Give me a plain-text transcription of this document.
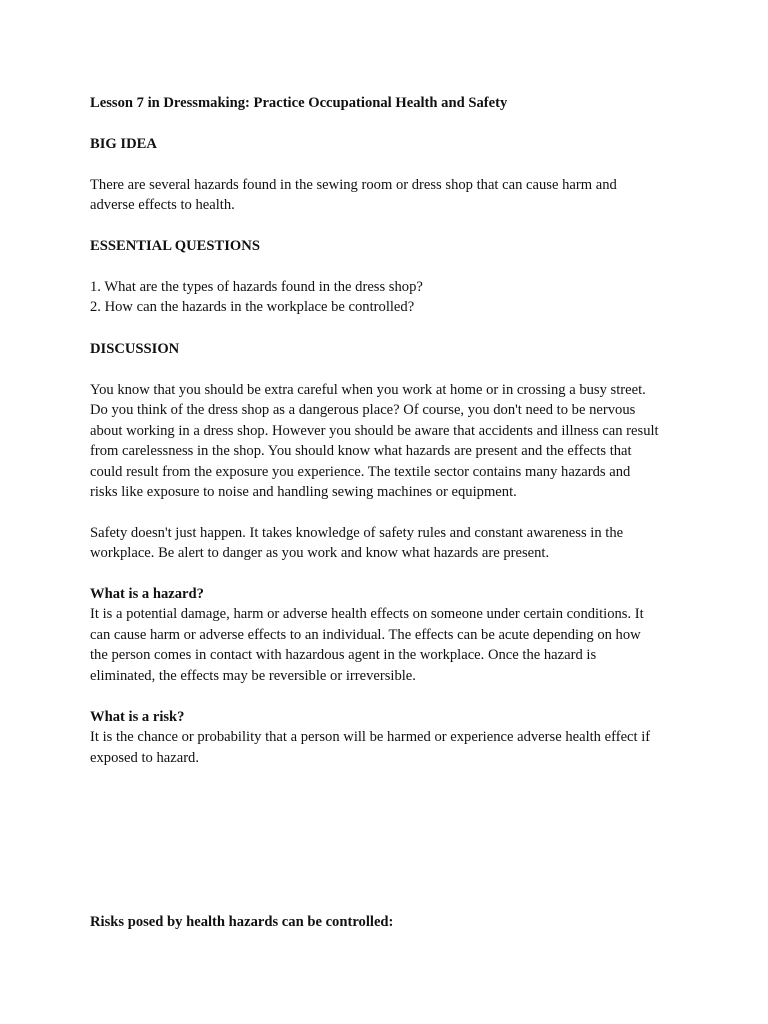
Lesson 7 in Dressmaking: Practice Occupational Health and Safety

BIG IDEA

There are several hazards found in the sewing room or dress shop that can cause harm and
adverse effects to health.

ESSENTIAL QUESTIONS

1. What are the types of hazards found in the dress shop?
2. How can the hazards in the workplace be controlled?

DISCUSSION

You know that you should be extra careful when you work at home or in crossing a busy street.
Do you think of the dress shop as a dangerous place? Of course, you don't need to be nervous
about working in a dress shop. However you should be aware that accidents and illness can result
from carelessness in the shop. You should know what hazards are present and the effects that
could result from the exposure you experience. The textile sector contains many hazards and
risks like exposure to noise and handling sewing machines or equipment.

Safety doesn't just happen. It takes knowledge of safety rules and constant awareness in the
workplace. Be alert to danger as you work and know what hazards are present.

What is a hazard?
It is a potential damage, harm or adverse health effects on someone under certain conditions. It
can cause harm or adverse effects to an individual. The effects can be acute depending on how
the person comes in contact with hazardous agent in the workplace. Once the hazard is
eliminated, the effects may be reversible or irreversible.

What is a risk?
It is the chance or probability that a person will be harmed or experience adverse health effect if
exposed to hazard.

Risks posed by health hazards can be controlled:
